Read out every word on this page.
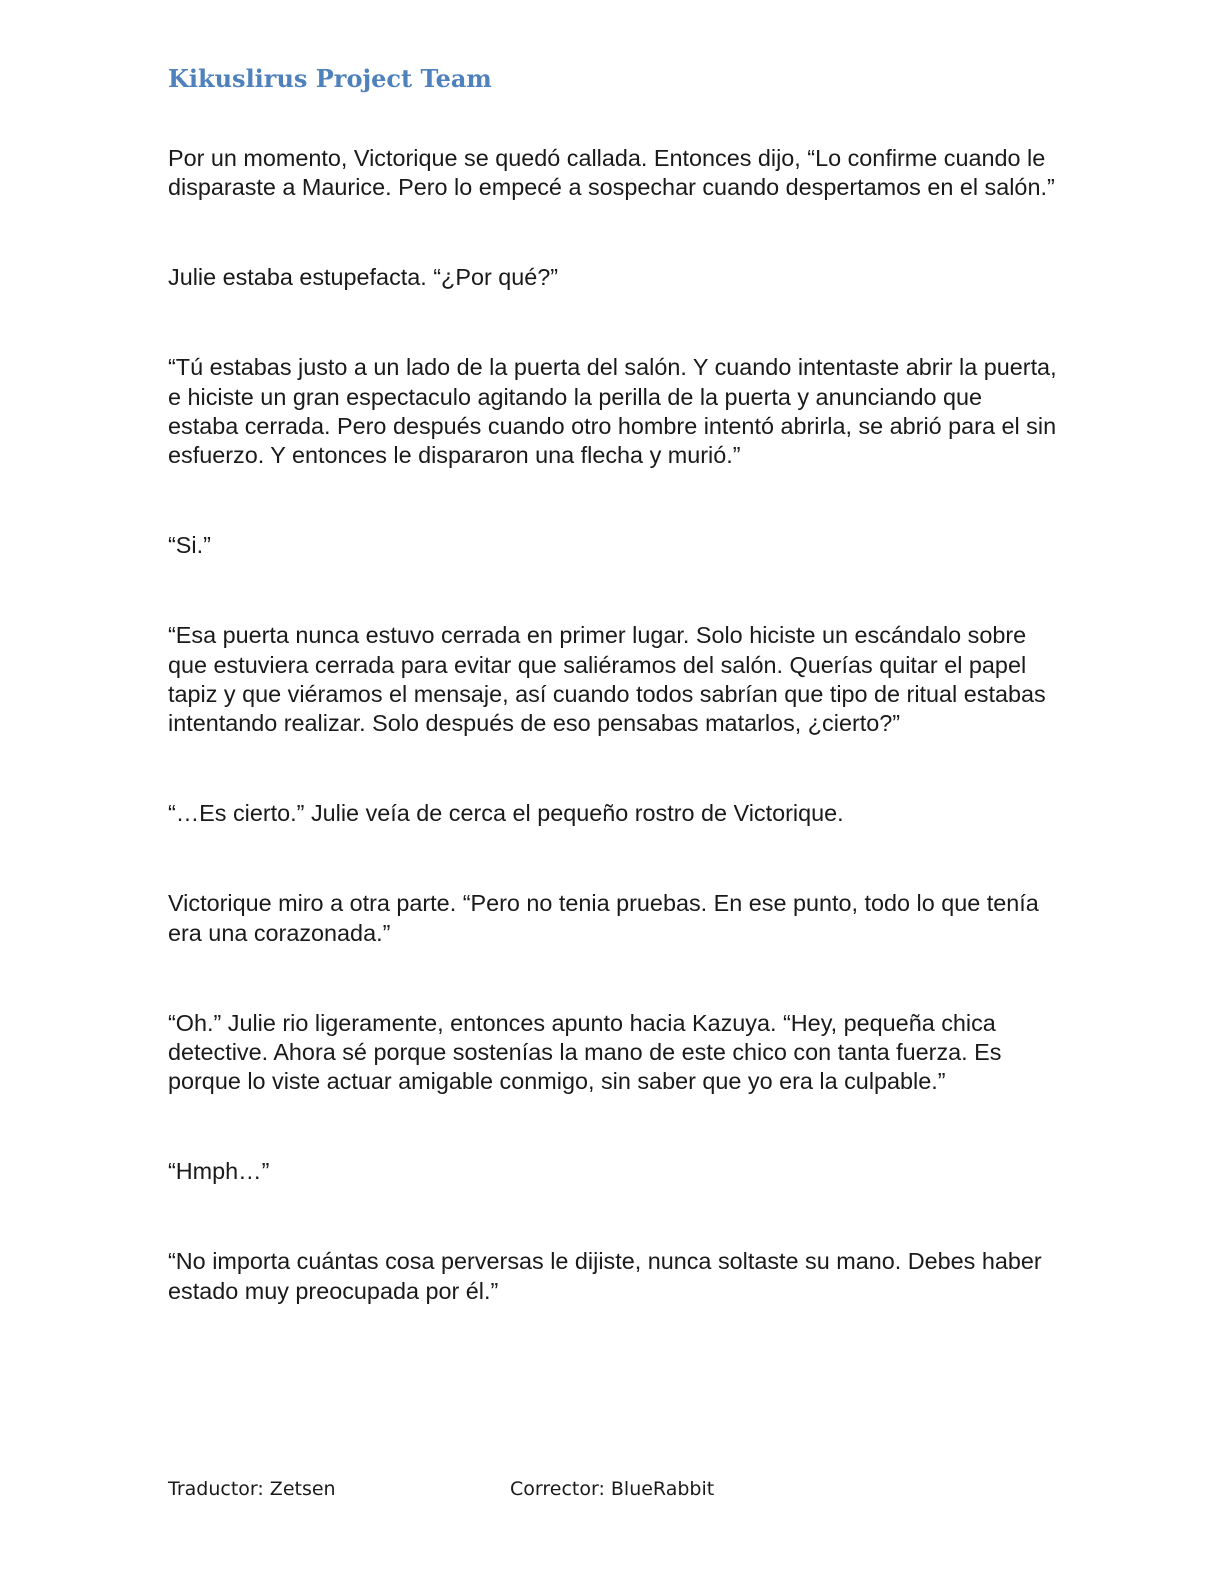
Kikuslirus Project Team

Por un momento, Victorique se quedó callada. Entonces dijo, “Lo confirme cuando le disparaste a Maurice. Pero lo empecé a sospechar cuando despertamos en el salón.”

Julie estaba estupefacta. “¿Por qué?”

“Tú estabas justo a un lado de la puerta del salón. Y cuando intentaste abrir la puerta, e hiciste un gran espectaculo agitando la perilla de la puerta y anunciando que estaba cerrada. Pero después cuando otro hombre intentó abrirla, se abrió para el sin esfuerzo. Y entonces le dispararon una flecha y murió.”

“Si.”

“Esa puerta nunca estuvo cerrada en primer lugar. Solo hiciste un escándalo sobre que estuviera cerrada para evitar que saliéramos del salón. Querías quitar el papel tapiz y que viéramos el mensaje, así cuando todos sabrían que tipo de ritual estabas intentando realizar. Solo después de eso pensabas matarlos, ¿cierto?”

“…Es cierto.” Julie veía de cerca el pequeño rostro de Victorique.

Victorique miro a otra parte. “Pero no tenia pruebas. En ese punto, todo lo que tenía era una corazonada.”

“Oh.” Julie rio ligeramente, entonces apunto hacia Kazuya. “Hey, pequeña chica detective. Ahora sé porque sostenías la mano de este chico con tanta fuerza. Es porque lo viste actuar amigable conmigo, sin saber que yo era la culpable.”

“Hmph…”

“No importa cuántas cosa perversas le dijiste, nunca soltaste su mano. Debes haber estado muy preocupada por él.”

Traductor: Zetsen	Corrector: BlueRabbit
